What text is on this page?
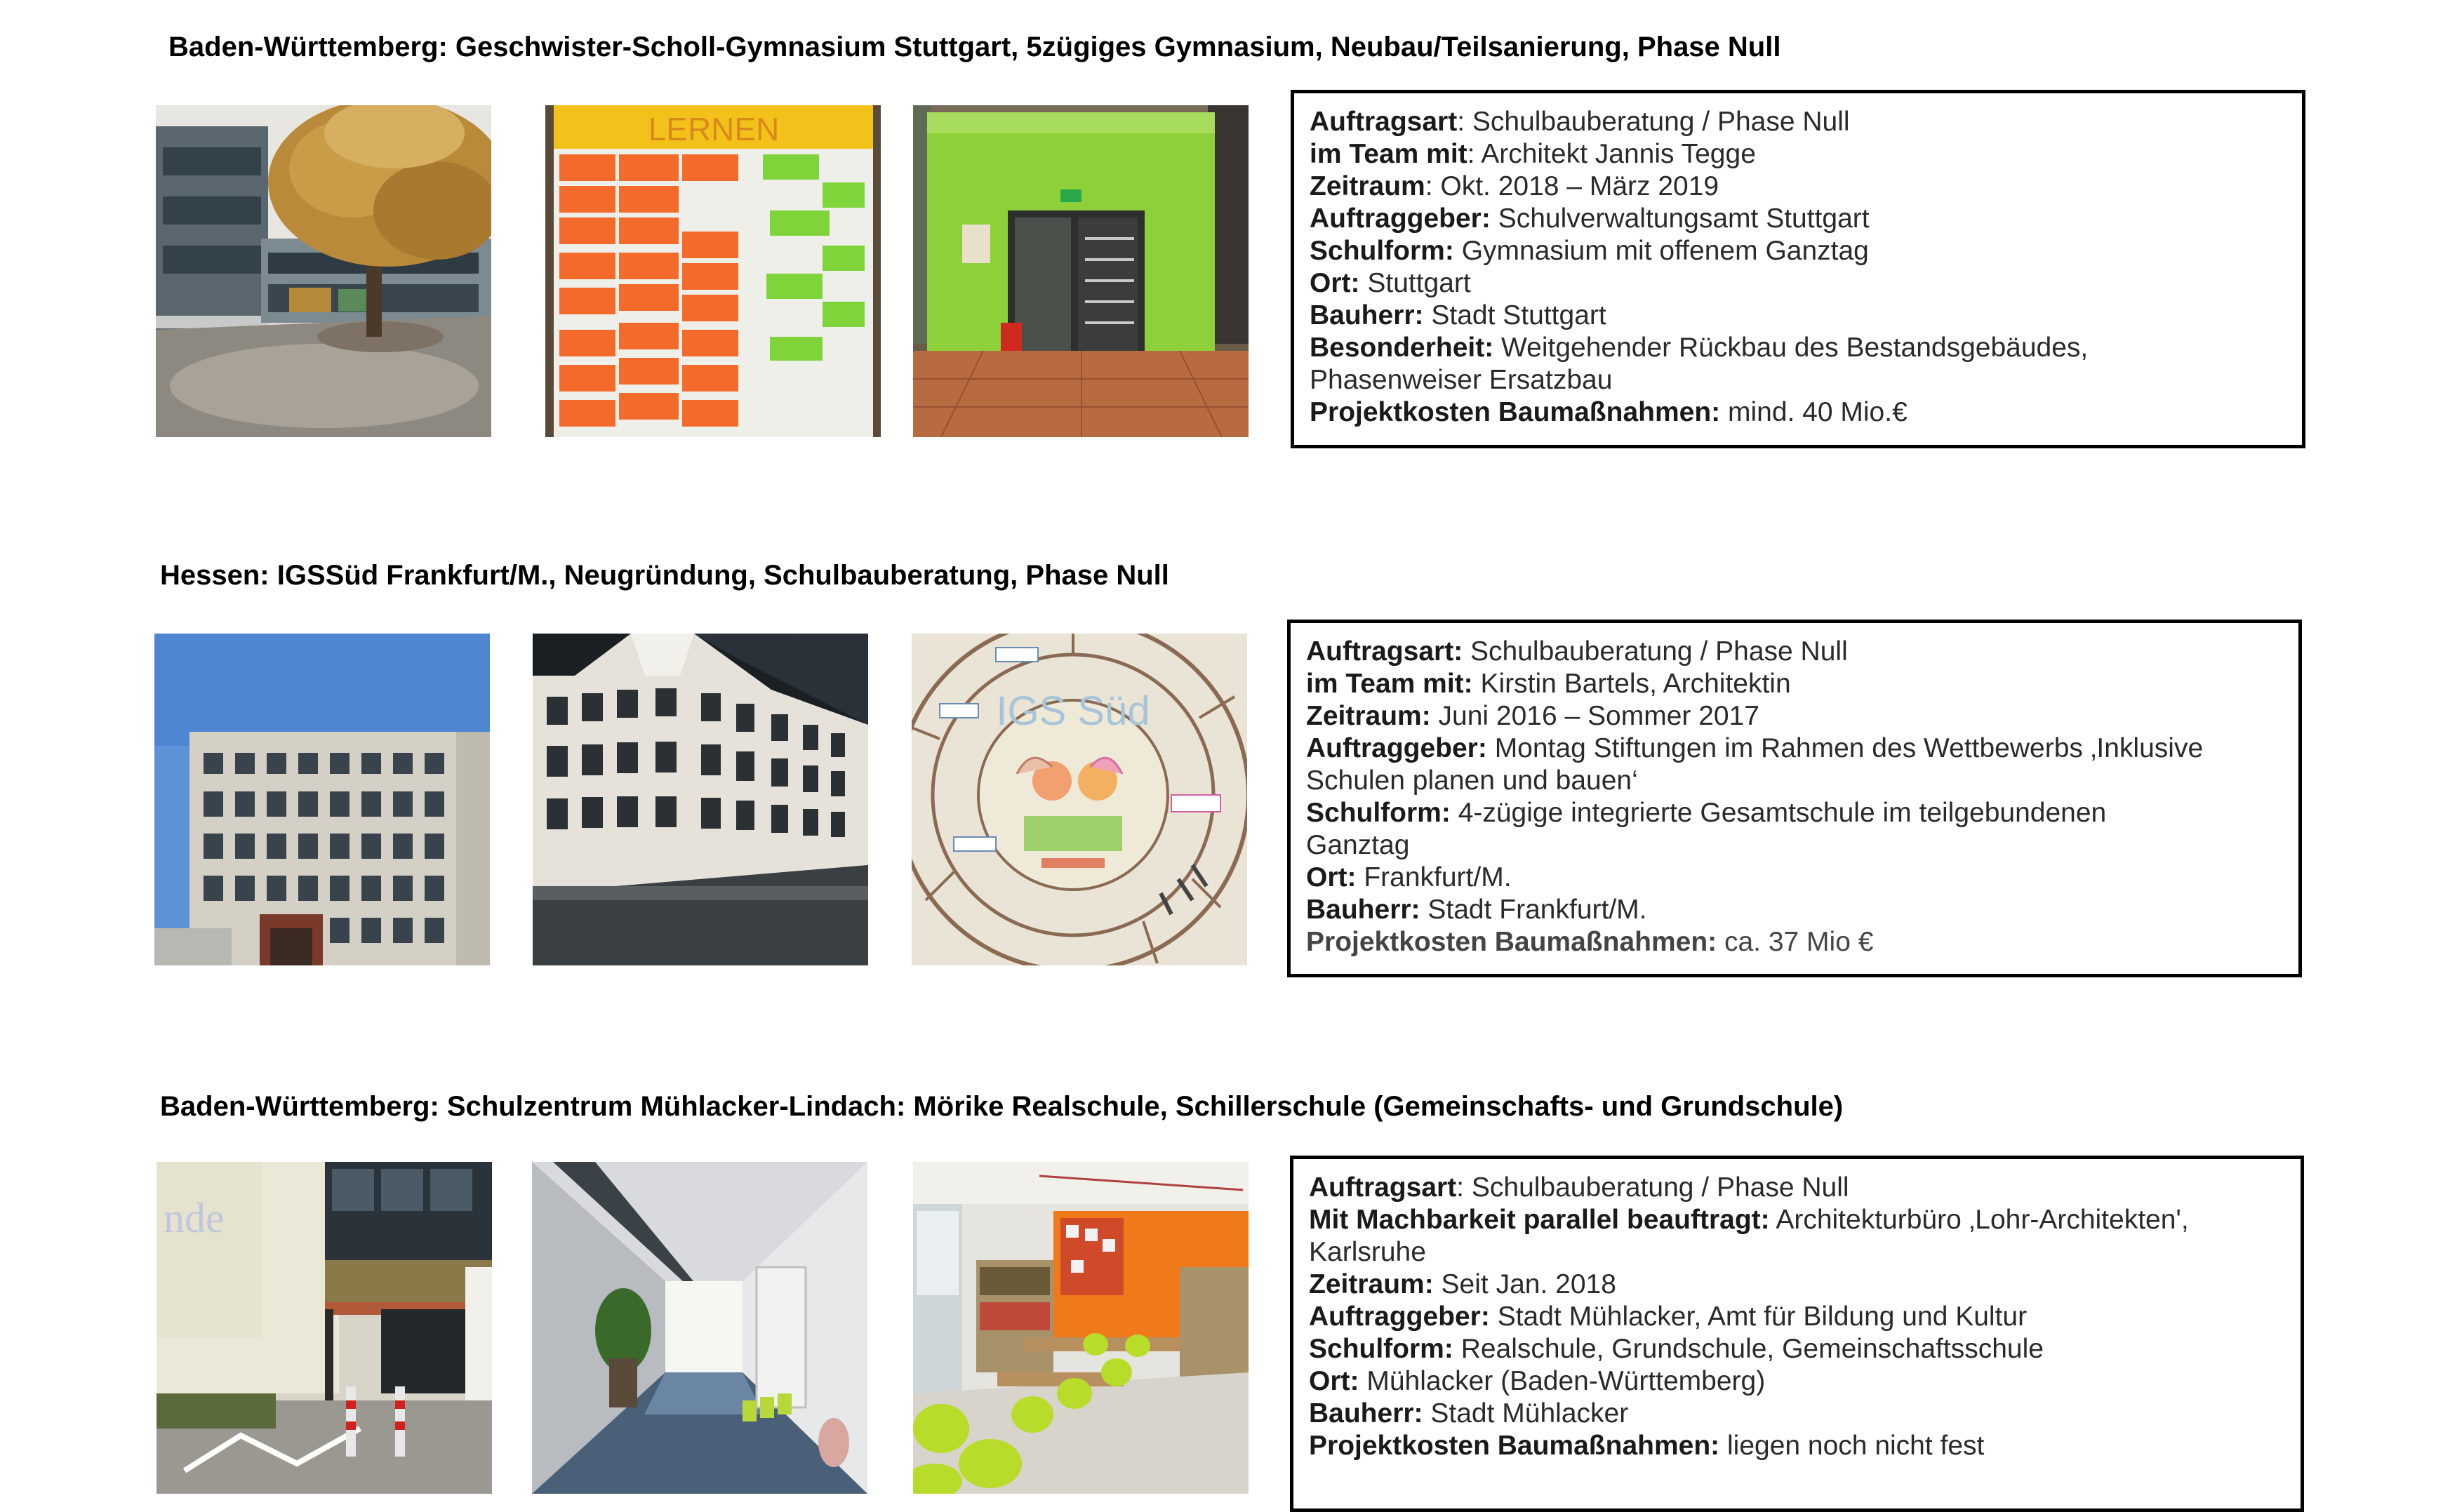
Baden-Württemberg: Geschwister-Scholl-Gymnasium Stuttgart, 5zügiges Gymnasium, Neubau/Teilsanierung, Phase Null
LERNEN	Auftragsart: Schulbauberatung / Phase Null
im Team mit: Architekt Jannis Tegge
Zeitraum: Okt. 2018 – März 2019
Auftraggeber: Schulverwaltungsamt Stuttgart
Schulform: Gymnasium mit offenem Ganztag
Ort: Stuttgart
Bauherr: Stadt Stuttgart
Besonderheit: Weitgehender Rückbau des Bestandsgebäudes,
Phasenweiser Ersatzbau
Projektkosten Baumaßnahmen: mind. 40 Mio.€
Hessen: IGSSüd Frankfurt/M., Neugründung, Schulbauberatung, Phase Null
IGS Süd
Auftragsart: Schulbauberatung / Phase Null
im Team mit: Kirstin Bartels, Architektin
Zeitraum: Juni 2016 – Sommer 2017
Auftraggeber: Montag Stiftungen im Rahmen des Wettbewerbs ‚Inklusive
Schulen planen und bauen‘
Schulform: 4-zügige integrierte Gesamtschule im teilgebundenen
Ganztag
Ort: Frankfurt/M.
Bauherr: Stadt Frankfurt/M.
Projektkosten Baumaßnahmen: ca. 37 Mio €
Baden-Württemberg: Schulzentrum Mühlacker-Lindach: Mörike Realschule, Schillerschule (Gemeinschafts- und Grundschule)
nde
Auftragsart: Schulbauberatung / Phase Null
Mit Machbarkeit parallel beauftragt: Architekturbüro ‚Lohr-Architekten',
Karlsruhe
Zeitraum: Seit Jan. 2018
Auftraggeber: Stadt Mühlacker, Amt für Bildung und Kultur
Schulform: Realschule, Grundschule, Gemeinschaftsschule
Ort: Mühlacker (Baden-Württemberg)
Bauherr: Stadt Mühlacker
Projektkosten Baumaßnahmen: liegen noch nicht fest
